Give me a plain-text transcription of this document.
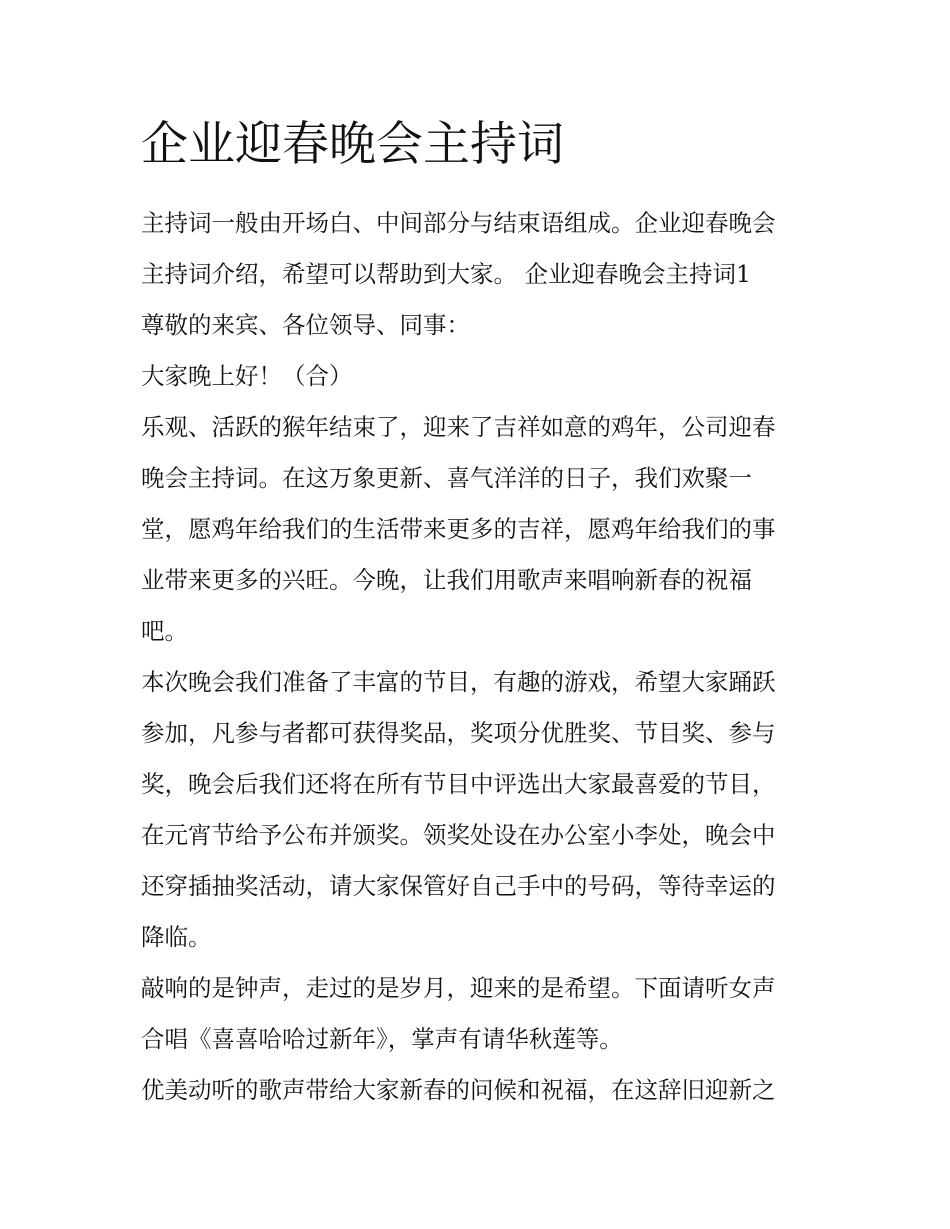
企业迎春晚会主持词

主持词一般由开场白、中间部分与结束语组成。企业迎春晚会
主持词介绍，希望可以帮助到大家。 企业迎春晚会主持词1

尊敬的来宾、各位领导、同事：

大家晚上好！（合）

乐观、活跃的猴年结束了，迎来了吉祥如意的鸡年，公司迎春
晚会主持词。在这万象更新、喜气洋洋的日子，我们欢聚一
堂，愿鸡年给我们的生活带来更多的吉祥，愿鸡年给我们的事
业带来更多的兴旺。今晚，让我们用歌声来唱响新春的祝福
吧。

本次晚会我们准备了丰富的节目，有趣的游戏，希望大家踊跃
参加，凡参与者都可获得奖品，奖项分优胜奖、节目奖、参与
奖，晚会后我们还将在所有节目中评选出大家最喜爱的节目，
在元宵节给予公布并颁奖。领奖处设在办公室小李处，晚会中
还穿插抽奖活动，请大家保管好自己手中的号码，等待幸运的
降临。

敲响的是钟声，走过的是岁月，迎来的是希望。下面请听女声
合唱《喜喜哈哈过新年》，掌声有请华秋莲等。

优美动听的歌声带给大家新春的问候和祝福，在这辞旧迎新之
